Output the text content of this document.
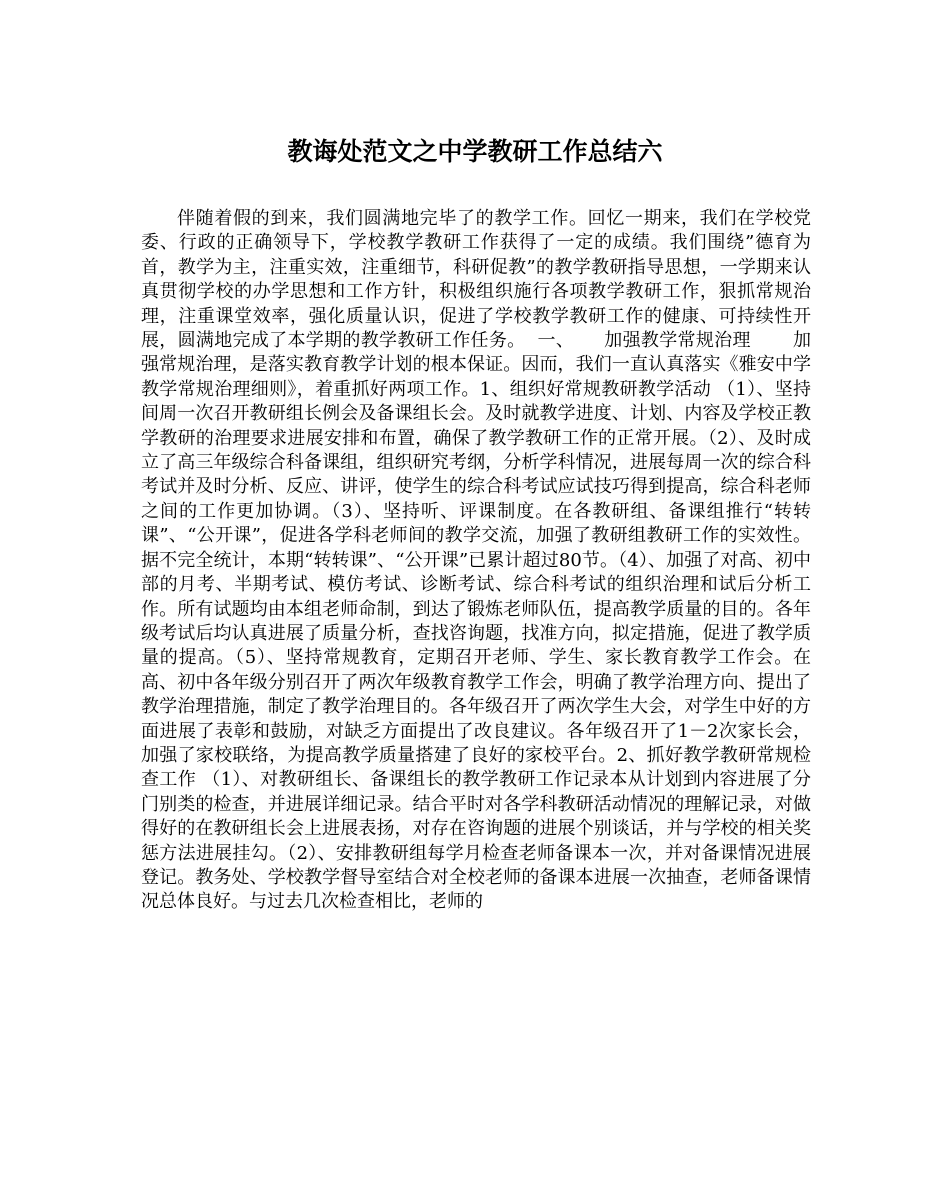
教诲处范文之中学教研工作总结六

伴随着假的到来，我们圆满地完毕了的教学工作。回忆一期来，我们在学校党委、行政的正确领导下，学校教学教研工作获得了一定的成绩。我们围绕”德育为首，教学为主，注重实效，注重细节，科研促教”的教学教研指导思想，一学期来认真贯彻学校的办学思想和工作方针，积极组织施行各项教学教研工作，狠抓常规治理，注重课堂效率，强化质量认识，促进了学校教学教研工作的健康、可持续性开展，圆满地完成了本学期的教学教研工作任务。  一、     加强教学常规治理       加强常规治理，是落实教育教学计划的根本保证。因而，我们一直认真落实《雅安中学教学常规治理细则》，着重抓好两项工作。1、组织好常规教研教学活动 （1）、坚持间周一次召开教研组长例会及备课组长会。及时就教学进度、计划、内容及学校正教学教研的治理要求进展安排和布置，确保了教学教研工作的正常开展。（2）、及时成立了高三年级综合科备课组，组织研究考纲，分析学科情况，进展每周一次的综合科考试并及时分析、反应、讲评，使学生的综合科考试应试技巧得到提高，综合科老师之间的工作更加协调。（3）、坚持听、评课制度。在各教研组、备课组推行“转转课”、“公开课”，促进各学科老师间的教学交流，加强了教研组教研工作的实效性。据不完全统计，本期“转转课”、“公开课”已累计超过80节。（4）、加强了对高、初中部的月考、半期考试、模仿考试、诊断考试、综合科考试的组织治理和试后分析工作。所有试题均由本组老师命制，到达了锻炼老师队伍，提高教学质量的目的。各年级考试后均认真进展了质量分析，查找咨询题，找准方向，拟定措施，促进了教学质量的提高。（5）、坚持常规教育，定期召开老师、学生、家长教育教学工作会。在高、初中各年级分别召开了两次年级教育教学工作会，明确了教学治理方向、提出了教学治理措施，制定了教学治理目的。各年级召开了两次学生大会，对学生中好的方面进展了表彰和鼓励，对缺乏方面提出了改良建议。各年级召开了1－2次家长会，加强了家校联络，为提高教学质量搭建了良好的家校平台。2、抓好教学教研常规检查工作 （1）、对教研组长、备课组长的教学教研工作记录本从计划到内容进展了分门别类的检查，并进展详细记录。结合平时对各学科教研活动情况的理解记录，对做得好的在教研组长会上进展表扬，对存在咨询题的进展个别谈话，并与学校的相关奖惩方法进展挂勾。（2）、安排教研组每学月检查老师备课本一次，并对备课情况进展登记。教务处、学校教学督导室结合对全校老师的备课本进展一次抽查，老师备课情况总体良好。与过去几次检查相比，老师的
